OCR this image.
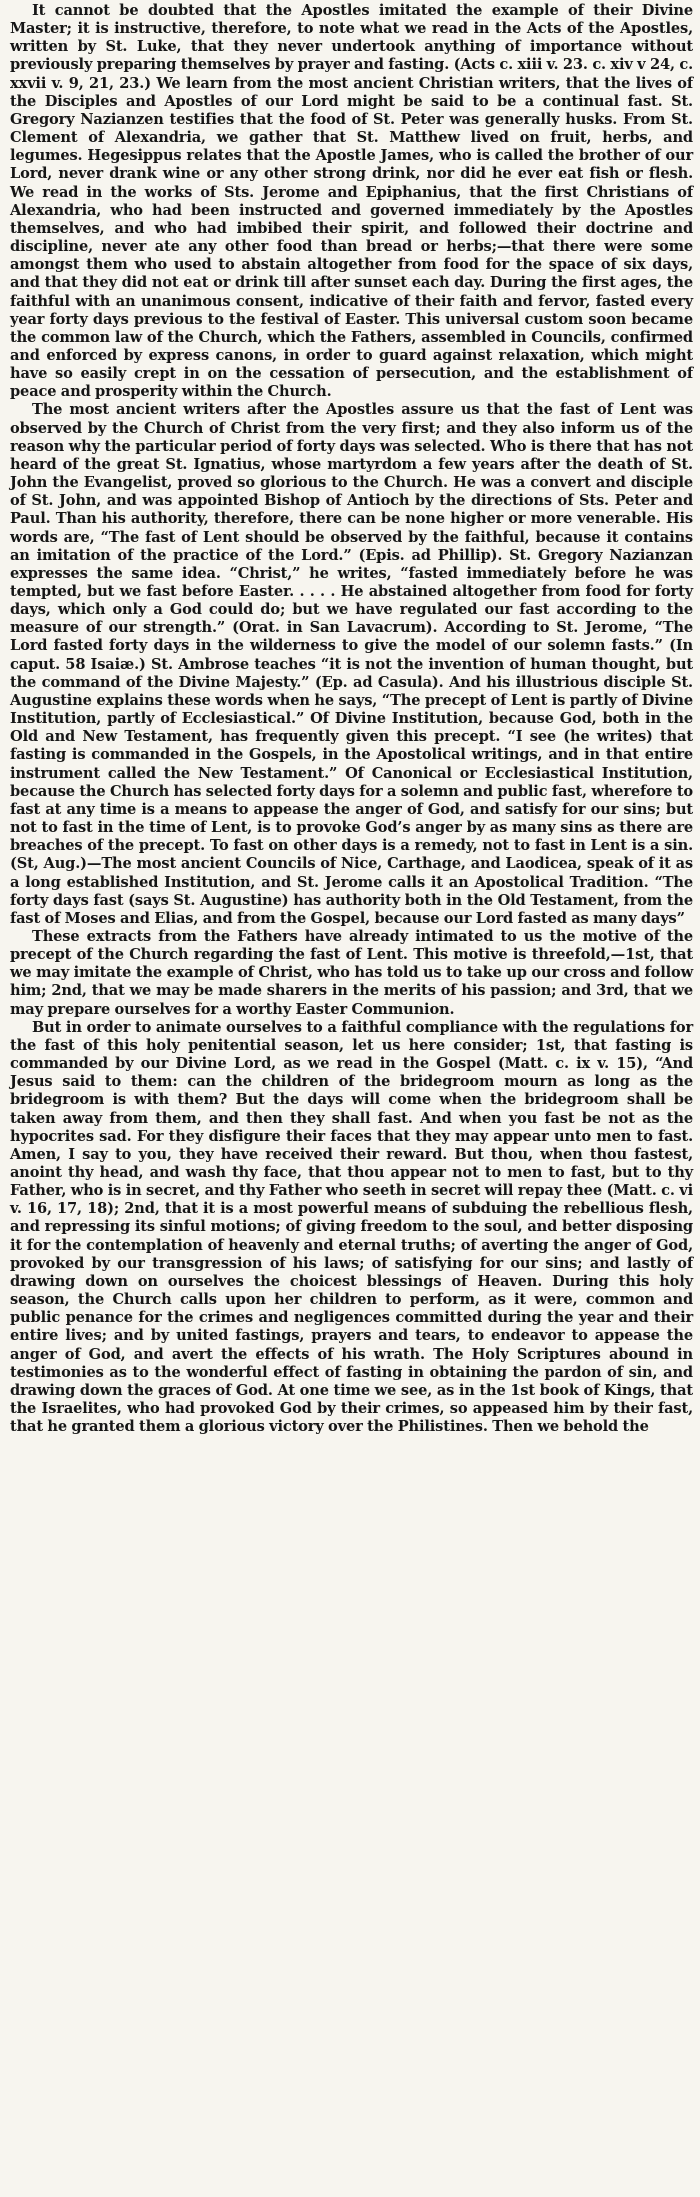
It cannot be doubted that the Apostles imitated the example of their Divine Master; it is instructive, therefore, to note what we read in the Acts of the Apostles, written by St. Luke, that they never undertook anything of importance without previously preparing themselves by prayer and fasting. (Acts c. xiii v. 23. c. xiv v 24, c. xxvii v. 9, 21, 23.) We learn from the most ancient Christian writers, that the lives of the Disciples and Apostles of our Lord might be said to be a continual fast. St. Gregory Nazianzen testifies that the food of St. Peter was generally husks. From St. Clement of Alexandria, we gather that St. Matthew lived on fruit, herbs, and legumes. Hegesippus relates that the Apostle James, who is called the brother of our Lord, never drank wine or any other strong drink, nor did he ever eat fish or flesh. We read in the works of Sts. Jerome and Epiphanius, that the first Christians of Alexandria, who had been instructed and governed immediately by the Apostles themselves, and who had imbibed their spirit, and followed their doctrine and discipline, never ate any other food than bread or herbs;—that there were some amongst them who used to abstain altogether from food for the space of six days, and that they did not eat or drink till after sunset each day. During the first ages, the faithful with an unanimous consent, indicative of their faith and fervor, fasted every year forty days previous to the festival of Easter. This universal custom soon became the common law of the Church, which the Fathers, assembled in Councils, confirmed and enforced by express canons, in order to guard against relaxation, which might have so easily crept in on the cessation of persecution, and the establishment of peace and prosperity within the Church.

The most ancient writers after the Apostles assure us that the fast of Lent was observed by the Church of Christ from the very first; and they also inform us of the reason why the particular period of forty days was selected. Who is there that has not heard of the great St. Ignatius, whose martyrdom a few years after the death of St. John the Evangelist, proved so glorious to the Church. He was a convert and disciple of St. John, and was appointed Bishop of Antioch by the directions of Sts. Peter and Paul. Than his authority, therefore, there can be none higher or more venerable. His words are, “The fast of Lent should be observed by the faithful, because it contains an imitation of the practice of the Lord.” (Epis. ad Phillip). St. Gregory Nazianzan expresses the same idea. “Christ,” he writes, “fasted immediately before he was tempted, but we fast before Easter. . . . . He abstained altogether from food for forty days, which only a God could do; but we have regulated our fast according to the measure of our strength.” (Orat. in San Lavacrum). According to St. Jerome, “The Lord fasted forty days in the wilderness to give the model of our solemn fasts.” (In caput. 58 Isaiæ.) St. Ambrose teaches “it is not the invention of human thought, but the command of the Divine Majesty.” (Ep. ad Casula). And his illustrious disciple St. Augustine explains these words when he says, “The precept of Lent is partly of Divine Institution, partly of Ecclesiastical.” Of Divine Institution, because God, both in the Old and New Testament, has frequently given this precept. “I see (he writes) that fasting is commanded in the Gospels, in the Apostolical writings, and in that entire instrument called the New Testament.” Of Canonical or Ecclesiastical Institution, because the Church has selected forty days for a solemn and public fast, wherefore to fast at any time is a means to appease the anger of God, and satisfy for our sins; but not to fast in the time of Lent, is to provoke God’s anger by as many sins as there are breaches of the precept. To fast on other days is a remedy, not to fast in Lent is a sin. (St, Aug.)—The most ancient Councils of Nice, Carthage, and Laodicea, speak of it as a long established Institution, and St. Jerome calls it an Apostolical Tradition. “The forty days fast (says St. Augustine) has authority both in the Old Testament, from the fast of Moses and Elias, and from the Gospel, because our Lord fasted as many days”

These extracts from the Fathers have already intimated to us the motive of the precept of the Church regarding the fast of Lent. This motive is threefold,—1st, that we may imitate the example of Christ, who has told us to take up our cross and follow him; 2nd, that we may be made sharers in the merits of his passion; and 3rd, that we may prepare ourselves for a worthy Easter Communion.

But in order to animate ourselves to a faithful compliance with the regulations for the fast of this holy penitential season, let us here consider; 1st, that fasting is commanded by our Divine Lord, as we read in the Gospel (Matt. c. ix v. 15), “And Jesus said to them: can the children of the bridegroom mourn as long as the bridegroom is with them? But the days will come when the bridegroom shall be taken away from them, and then they shall fast. And when you fast be not as the hypocrites sad. For they disfigure their faces that they may appear unto men to fast. Amen, I say to you, they have received their reward. But thou, when thou fastest, anoint thy head, and wash thy face, that thou appear not to men to fast, but to thy Father, who is in secret, and thy Father who seeth in secret will repay thee (Matt. c. vi v. 16, 17, 18); 2nd, that it is a most powerful means of subduing the rebellious flesh, and repressing its sinful motions; of giving freedom to the soul, and better disposing it for the contemplation of heavenly and eternal truths; of averting the anger of God, provoked by our transgression of his laws; of satisfying for our sins; and lastly of drawing down on ourselves the choicest blessings of Heaven. During this holy season, the Church calls upon her children to perform, as it were, common and public penance for the crimes and negligences committed during the year and their entire lives; and by united fastings, prayers and tears, to endeavor to appease the anger of God, and avert the effects of his wrath. The Holy Scriptures abound in testimonies as to the wonderful effect of fasting in obtaining the pardon of sin, and drawing down the graces of God. At one time we see, as in the 1st book of Kings, that the Israelites, who had provoked God by their crimes, so appeased him by their fast, that he granted them a glorious victory over the Philistines. Then we behold the
